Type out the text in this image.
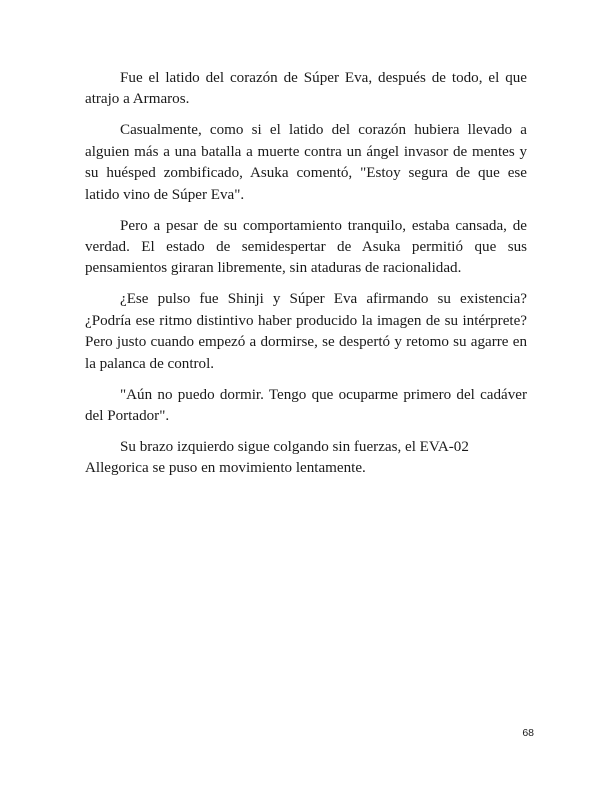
Fue el latido del corazón de Súper Eva, después de todo, el que atrajo a Armaros.

Casualmente, como si el latido del corazón hubiera llevado a alguien más a una batalla a muerte contra un ángel invasor de mentes y su huésped zombificado, Asuka comentó, "Estoy segura de que ese latido vino de Súper Eva".

Pero a pesar de su comportamiento tranquilo, estaba cansada, de verdad. El estado de semidespertar de Asuka permitió que sus pensamientos giraran libremente, sin ataduras de racionalidad.

¿Ese pulso fue Shinji y Súper Eva afirmando su existencia? ¿Podría ese ritmo distintivo haber producido la imagen de su intérprete? Pero justo cuando empezó a dormirse, se despertó y retomo su agarre en la palanca de control.

"Aún no puedo dormir. Tengo que ocuparme primero del cadáver del Portador".

Su brazo izquierdo sigue colgando sin fuerzas, el EVA-02 Allegorica se puso en movimiento lentamente.

68
